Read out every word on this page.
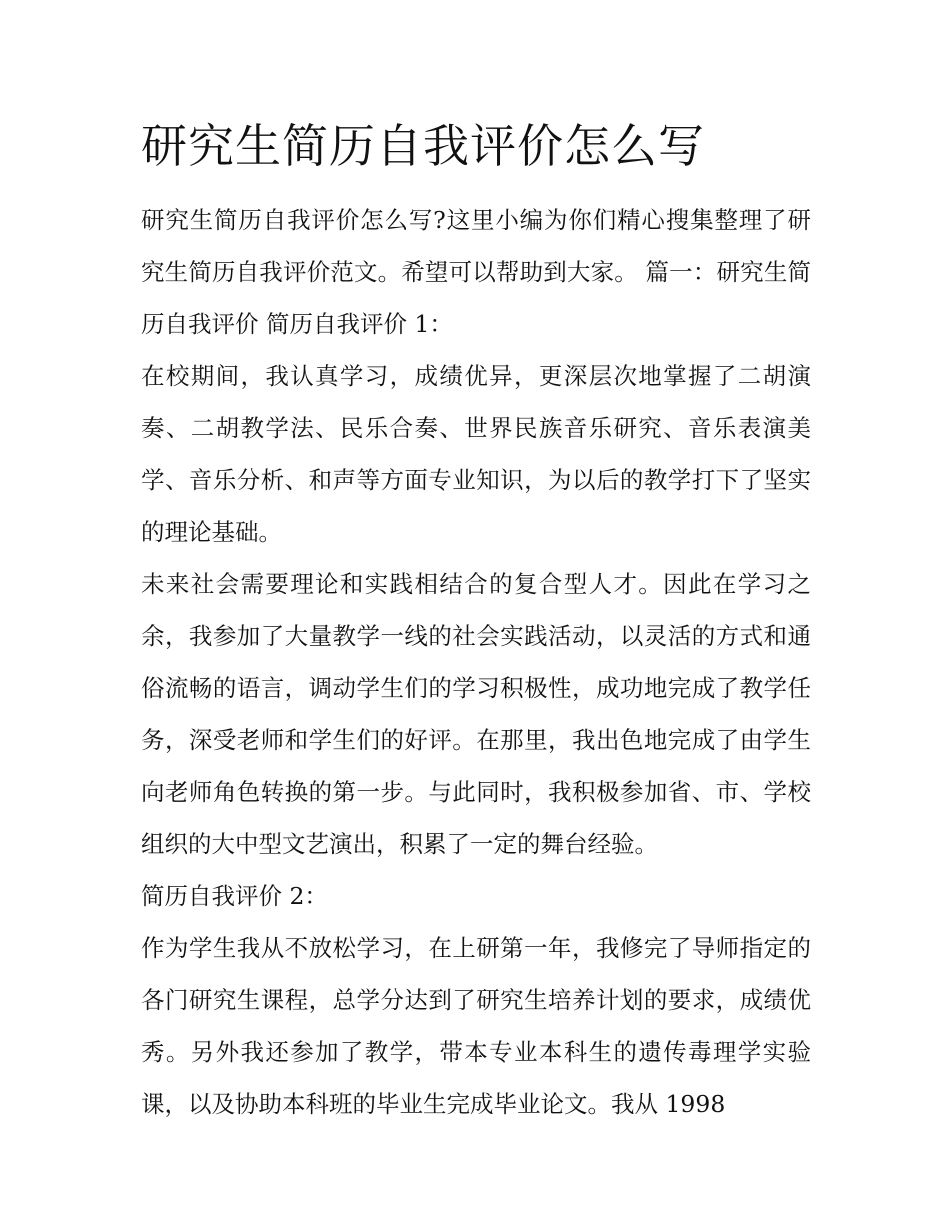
研究生简历自我评价怎么写

研究生简历自我评价怎么写?这里小编为你们精心搜集整理了研究生简历自我评价范文。希望可以帮助到大家。 篇一：研究生简历自我评价 简历自我评价 1：

在校期间，我认真学习，成绩优异，更深层次地掌握了二胡演奏、二胡教学法、民乐合奏、世界民族音乐研究、音乐表演美学、音乐分析、和声等方面专业知识，为以后的教学打下了坚实的理论基础。

未来社会需要理论和实践相结合的复合型人才。因此在学习之余，我参加了大量教学一线的社会实践活动，以灵活的方式和通俗流畅的语言，调动学生们的学习积极性，成功地完成了教学任务，深受老师和学生们的好评。在那里，我出色地完成了由学生向老师角色转换的第一步。与此同时，我积极参加省、市、学校组织的大中型文艺演出，积累了一定的舞台经验。

简历自我评价 2：

作为学生我从不放松学习，在上研第一年，我修完了导师指定的各门研究生课程，总学分达到了研究生培养计划的要求，成绩优秀。另外我还参加了教学，带本专业本科生的遗传毒理学实验课，以及协助本科班的毕业生完成毕业论文。我从 1998
